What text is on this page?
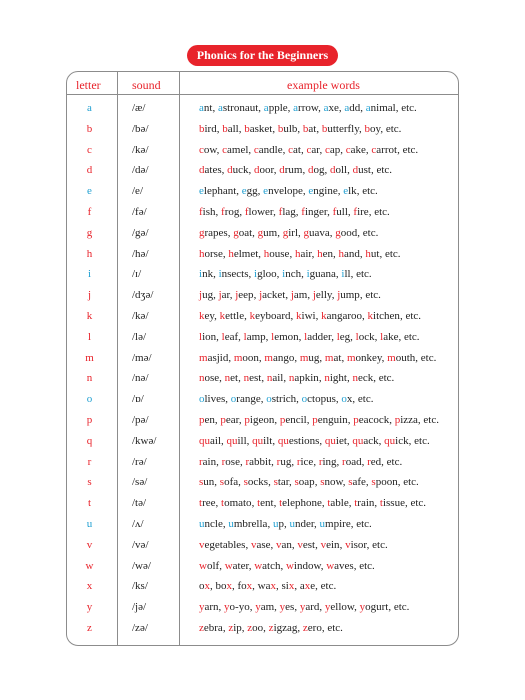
Phonics for the Beginners
letter	sound	example words
a	/æ/	ant, astronaut, apple, arrow, axe, add, animal, etc.
b	/bə/	bird, ball, basket, bulb, bat, butterfly, boy, etc.
c	/kə/	cow, camel, candle, cat, car, cap, cake, carrot, etc.
d	/də/	dates, duck, door, drum, dog, doll, dust, etc.
e	/e/	elephant, egg, envelope, engine, elk, etc.
f	/fə/	fish, frog, flower, flag, finger, full, fire, etc.
g	/gə/	grapes, goat, gum, girl, guava, good, etc.
h	/hə/	horse, helmet, house, hair, hen, hand, hut, etc.
i	/ɪ/	ink, insects, igloo, inch, iguana, ill, etc.
j	/dʒə/	jug, jar, jeep, jacket, jam, jelly, jump, etc.
k	/kə/	key, kettle, keyboard, kiwi, kangaroo, kitchen, etc.
l	/lə/	lion, leaf, lamp, lemon, ladder, leg, lock, lake, etc.
m	/mə/	masjid, moon, mango, mug, mat, monkey, mouth, etc.
n	/nə/	nose, net, nest, nail, napkin, night, neck, etc.
o	/ɒ/	olives, orange, ostrich, octopus, ox, etc.
p	/pə/	pen, pear, pigeon, pencil, penguin, peacock, pizza, etc.
q	/kwə/	quail, quill, quilt, questions, quiet, quack, quick, etc.
r	/rə/	rain, rose, rabbit, rug, rice, ring, road, red, etc.
s	/sə/	sun, sofa, socks, star, soap, snow, safe, spoon, etc.
t	/tə/	tree, tomato, tent, telephone, table, train, tissue, etc.
u	/ʌ/	uncle, umbrella, up, under, umpire, etc.
v	/və/	vegetables, vase, van, vest, vein, visor, etc.
w	/wə/	wolf, water, watch, window, waves, etc.
x	/ks/	ox, box, fox, wax, six, axe, etc.
y	/jə/	yarn, yo-yo, yam, yes, yard, yellow, yogurt, etc.
z	/zə/	zebra, zip, zoo, zigzag, zero, etc.
